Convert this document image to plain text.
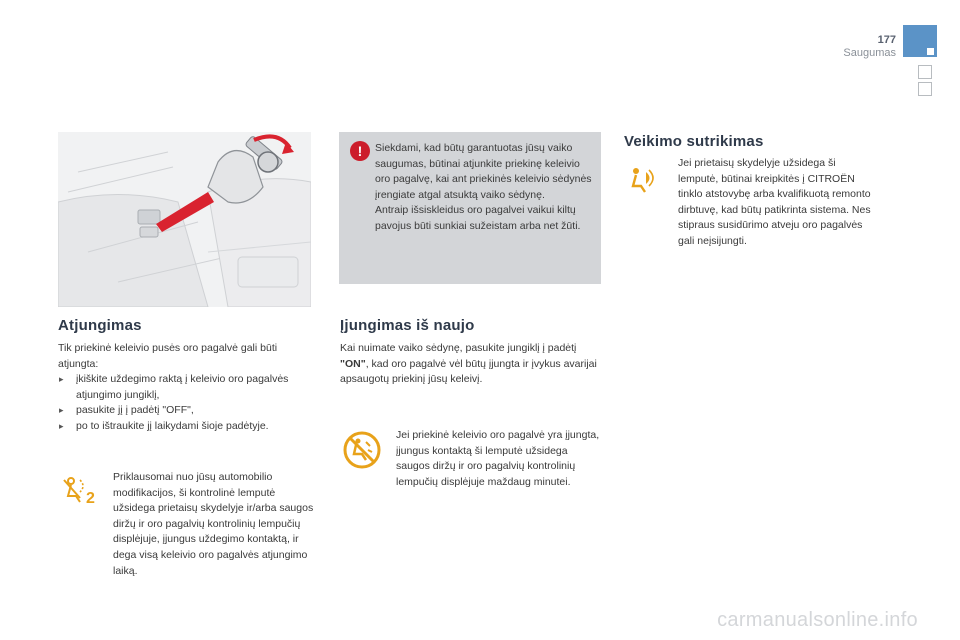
177
Saugumas
Atjungimas
Tik priekinė keleivio pusės oro pagalvė gali būti atjungta:
▸ įkiškite uždegimo raktą į keleivio oro pagalvės atjungimo jungiklį,
▸ pasukite jį į padėtį "OFF",
▸ po to ištraukite jį laikydami šioje padėtyje.
2
Priklausomai nuo jūsų automobilio modifikacijos, ši kontrolinė lemputė užsidega prietaisų skydelyje ir/arba saugos diržų ir oro pagalvių kontrolinių lempučių displėjuje, įjungus uždegimo kontaktą, ir dega visą keleivio oro pagalvės atjungimo laiką.
!	Siekdami, kad būtų garantuotas jūsų vaiko saugumas, būtinai atjunkite priekinę keleivio oro pagalvę, kai ant priekinės keleivio sėdynės įrengiate atgal atsuktą vaiko sėdynę.
Antraip išsiskleidus oro pagalvei vaikui kiltų pavojus būti sunkiai sužeistam arba net žūti.
Įjungimas iš naujo
Kai nuimate vaiko sėdynę, pasukite jungiklį į padėtį "ON", kad oro pagalvė vėl būtų įjungta ir įvykus avarijai apsaugotų priekinį jūsų keleivį.
Jei priekinė keleivio oro pagalvė yra įjungta, įjungus kontaktą ši lemputė užsidega saugos diržų ir oro pagalvių kontrolinių lempučių displėjuje maždaug minutei.
Veikimo sutrikimas
Jei prietaisų skydelyje užsidega ši lemputė, būtinai kreipkitės į CITROËN tinklo atstovybę arba kvalifikuotą remonto dirbtuvę, kad būtų patikrinta sistema. Nes stipraus susidūrimo atveju oro pagalvės gali neįsijungti.
carmanualsonline.info
